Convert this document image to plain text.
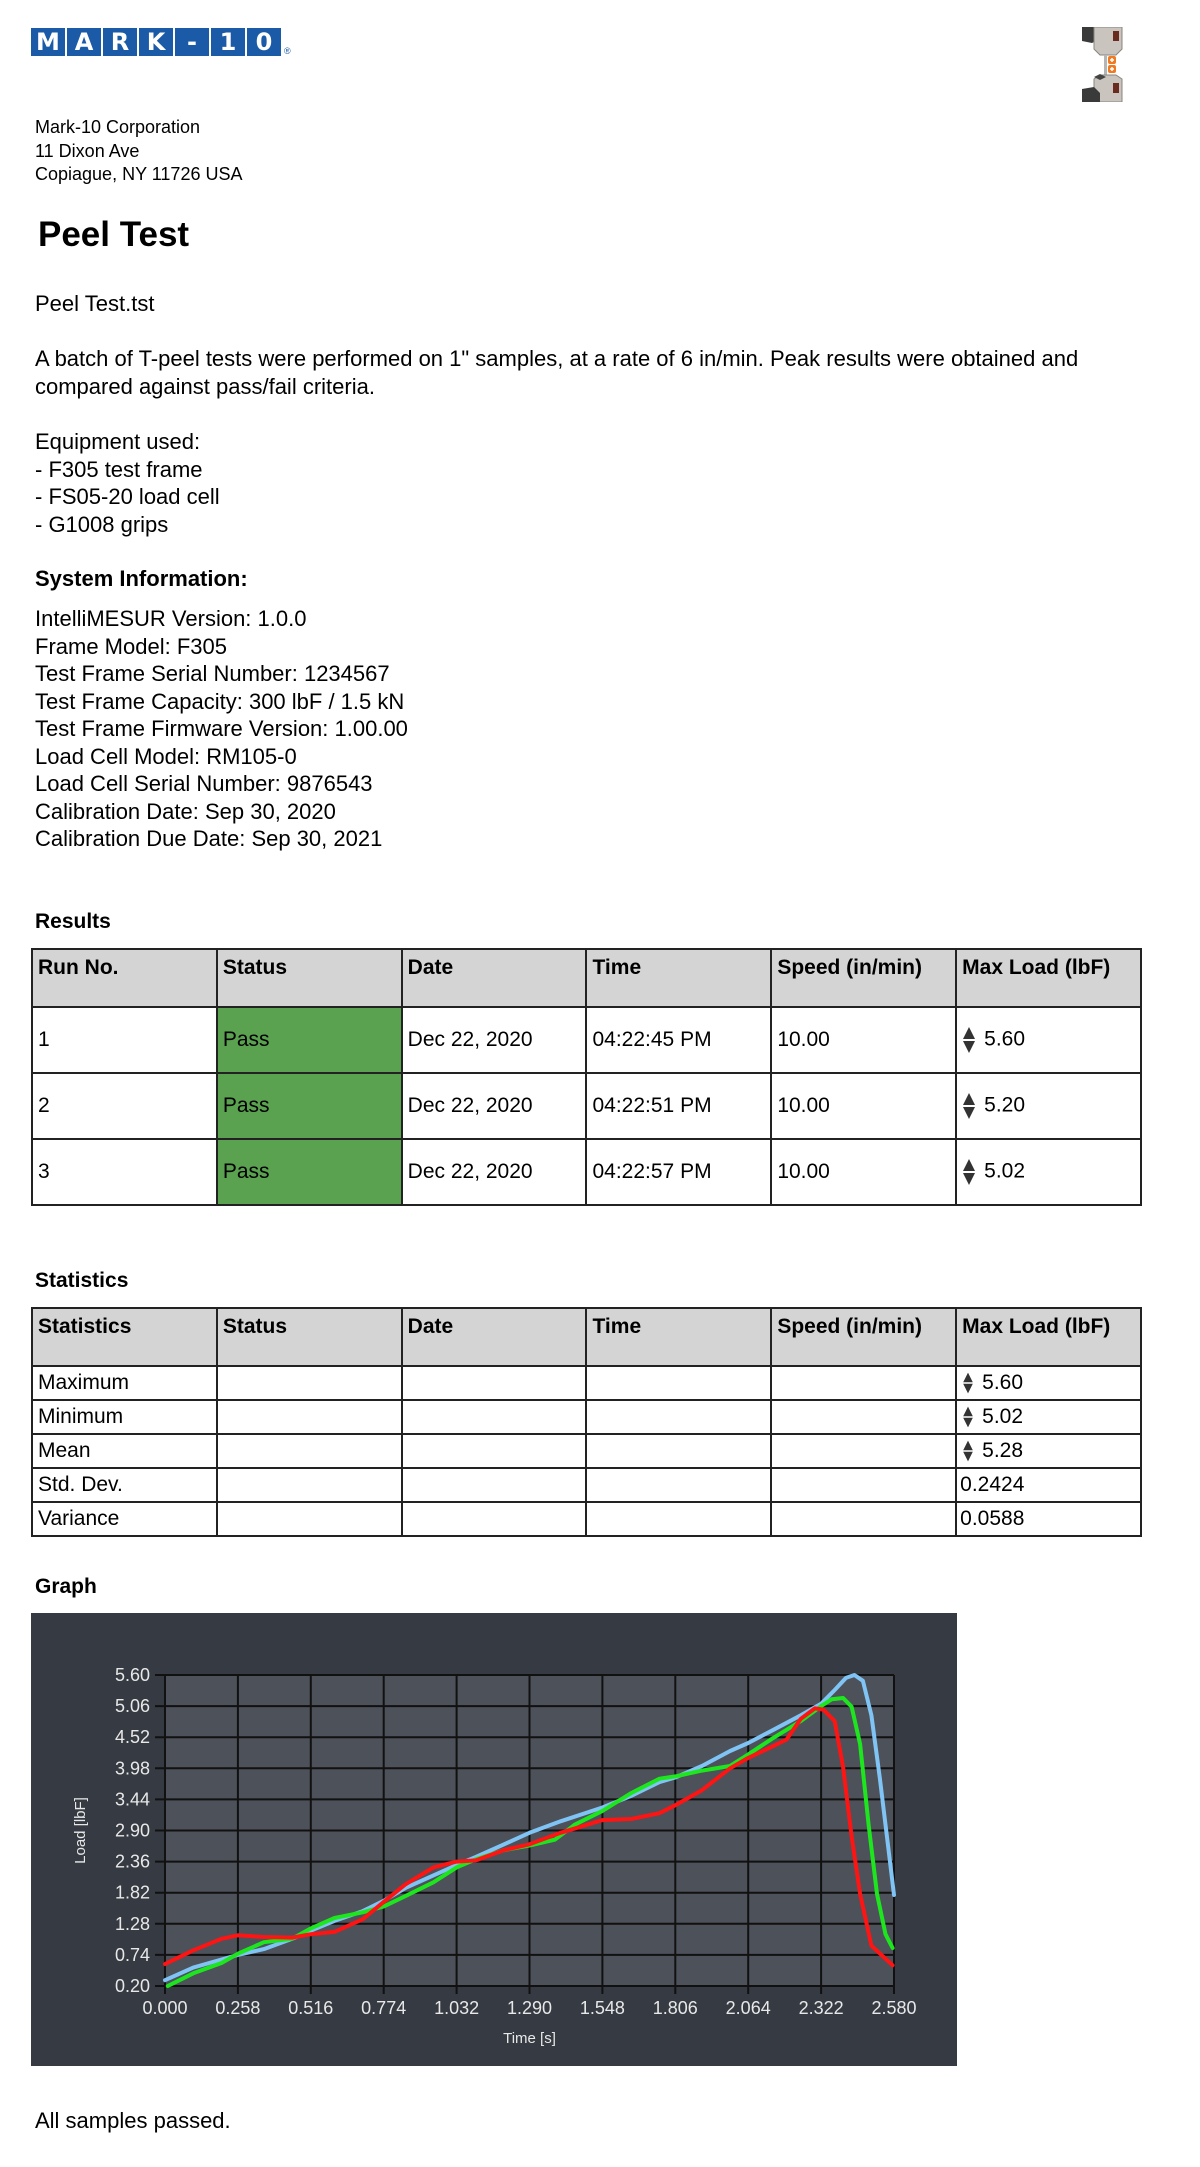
M A R K - 1 0	®
Mark-10 Corporation
11 Dixon Ave
Copiague, NY 11726 USA
Peel Test
Peel Test.tst
A batch of T-peel tests were performed on 1" samples, at a rate of 6 in/min. Peak results were obtained and compared against pass/fail criteria.
Equipment used:
- F305 test frame
- FS05-20 load cell
- G1008 grips
System Information:
IntelliMESUR Version: 1.0.0
Frame Model: F305
Test Frame Serial Number: 1234567
Test Frame Capacity: 300 lbF / 1.5 kN
Test Frame Firmware Version: 1.00.00
Load Cell Model: RM105-0
Load Cell Serial Number: 9876543
Calibration Date: Sep 30, 2020
Calibration Due Date: Sep 30, 2021
Results
Run No.	Status	Date	Time	Speed (in/min)	Max Load (lbF)
1	Pass	Dec 22, 2020	04:22:45 PM	10.00	5.60
2	Pass	Dec 22, 2020	04:22:51 PM	10.00	5.20
3	Pass	Dec 22, 2020	04:22:57 PM	10.00	5.02
Statistics
Statistics	Status	Date	Time	Speed (in/min)	Max Load (lbF)
Maximum					5.60
Minimum					5.02
Mean					5.28
Std. Dev.					0.2424
Variance					0.0588
Graph
0.20
0.74
1.28
1.82
2.36
2.90
3.44
3.98
4.52
5.06
5.60
0.000 0.258 0.516 0.774 1.032 1.290 1.548 1.806 2.064 2.322 2.580
Time [s]
Load [lbF]
All samples passed.
